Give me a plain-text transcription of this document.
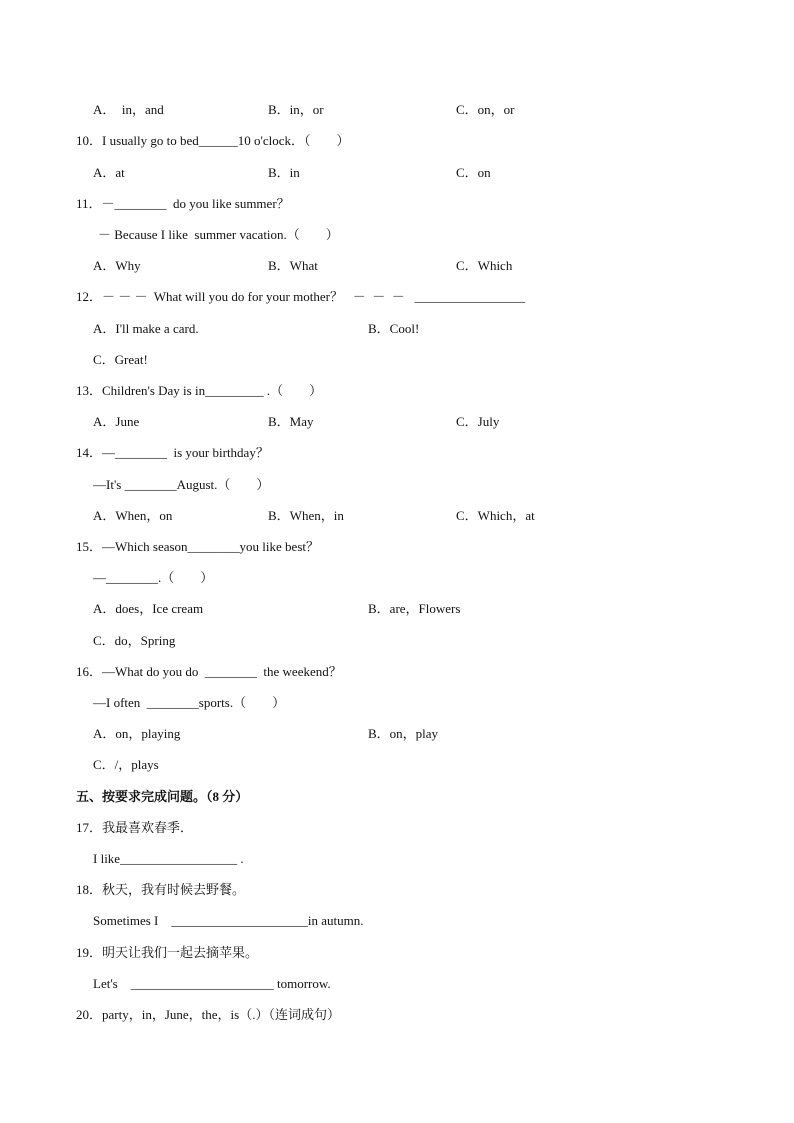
A．  in，and	B．in，or	C．on，or
10．I usually go to bed______10 o'clock．（　　）
A．at	B．in	C．on
11．－________  do you like summer？
－ Because I like  summer vacation.（　　）
A．Why	B．What	C．Which
12．－ － －  What will you do for your mother？   －  －  －   _________________
A．I'll make a card.	B．Cool!
C．Great!
13．Children's Day is in_________ .（　　）
A．June	B．May	C．July
14．—________  is your birthday？
—It's ________August.（　　）
A．When，on	B．When，in	C．Which，at
15．—Which season________you like best？
—________.（　　）
A．does，Ice cream	B．are，Flowers
C．do，Spring
16．—What do you do  ________  the weekend？
—I often  ________sports.（　　）
A．on，playing	B．on，play
C．/，plays
五、按要求完成问题。（8 分）
17．我最喜欢春季．
I like__________________ .
18．秋天，我有时候去野餐。
Sometimes I    _____________________in autumn.
19．明天让我们一起去摘苹果。
Let's    ______________________ tomorrow.
20．party，in，June，the，is（.）（连词成句）
